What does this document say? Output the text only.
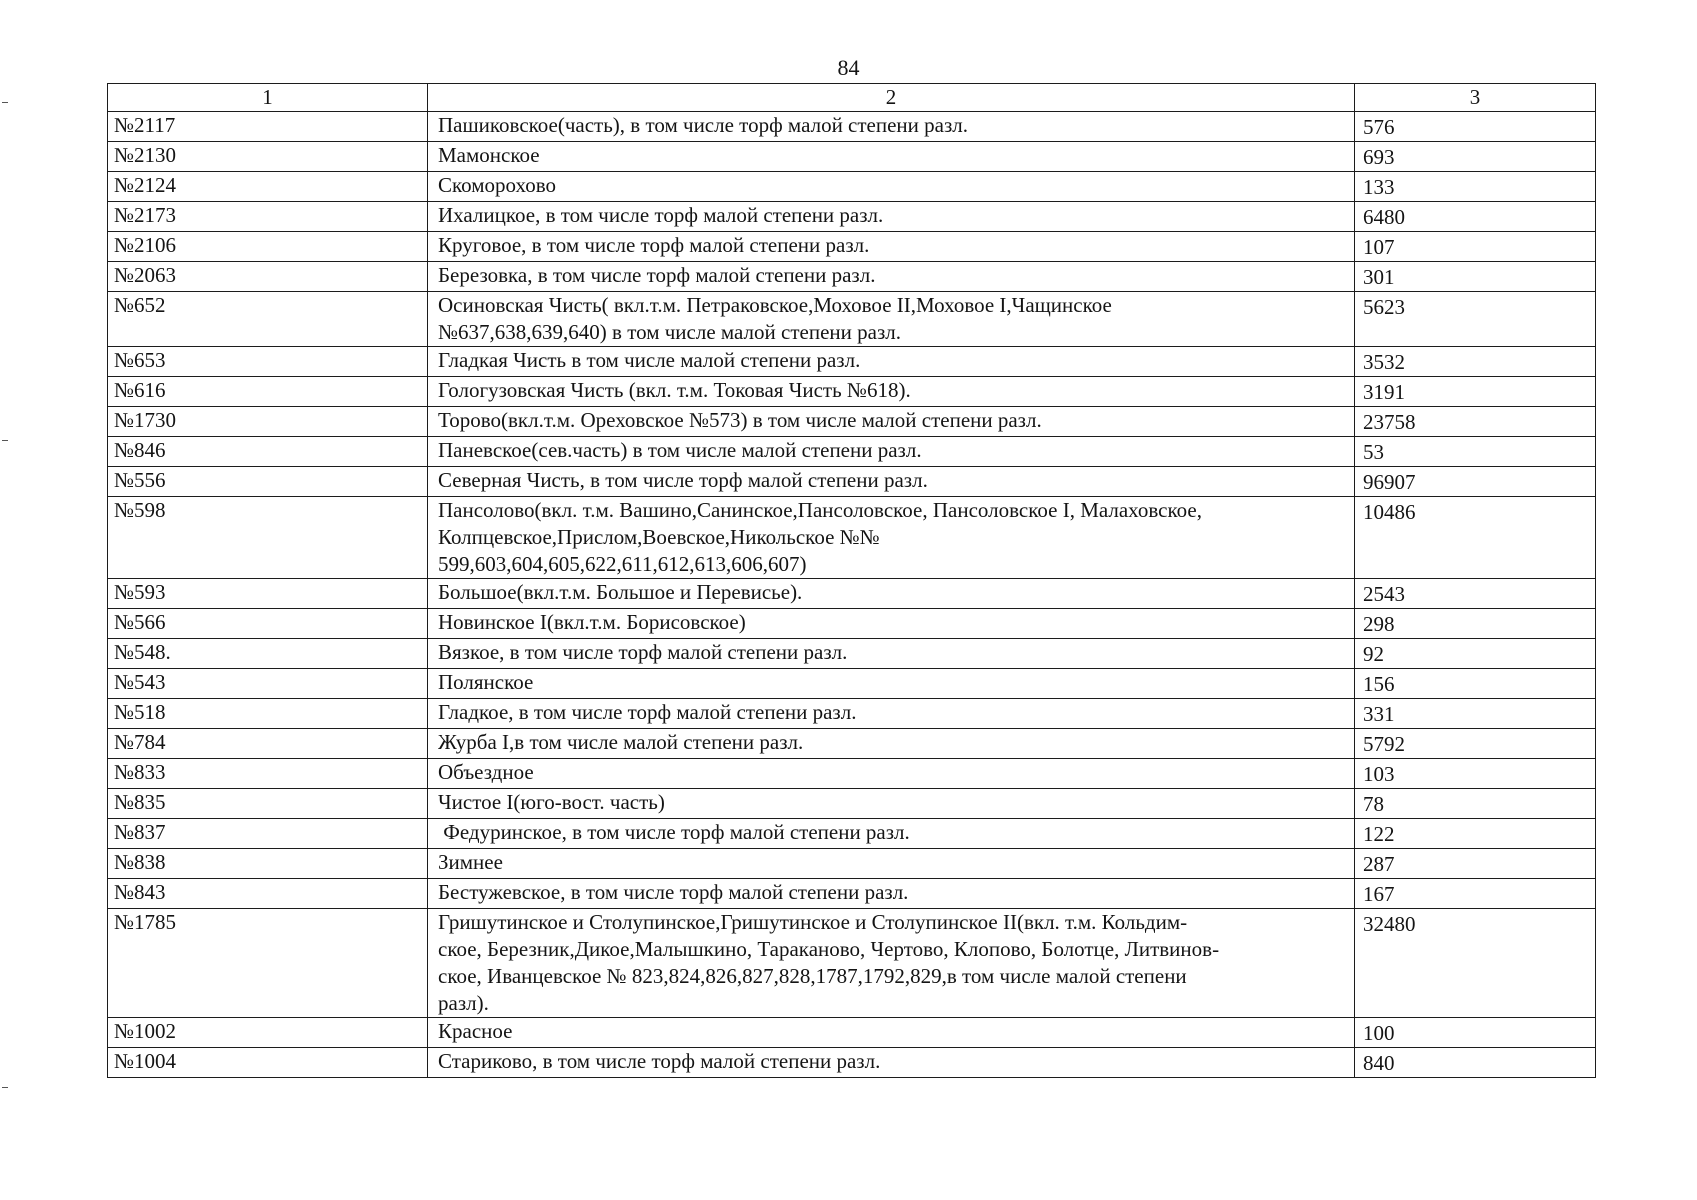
84
1	2	3
№2117	Пашиковское(часть), в том числе торф малой степени разл.	576
№2130	Мамонское	693
№2124	Скоморохово	133
№2173	Ихалицкое, в том числе торф малой степени разл.	6480
№2106	Круговое, в том числе торф малой степени разл.	107
№2063	Березовка, в том числе торф малой степени разл.	301
№652	Осиновская Чисть( вкл.т.м. Петраковское,Моховое II,Моховое I,Чащинское
№637,638,639,640) в том числе малой степени разл.	5623
№653	Гладкая Чисть в том числе малой степени разл.	3532
№616	Гологузовская Чисть (вкл. т.м. Токовая Чисть №618).	3191
№1730	Торово(вкл.т.м. Ореховское №573) в том числе малой степени разл.	23758
№846	Паневское(сев.часть) в том числе малой степени разл.	53
№556	Северная Чисть, в том числе торф малой степени разл.	96907
№598	Пансолово(вкл. т.м. Вашино,Санинское,Пансоловское, Пансоловское I, Малаховское,
Колпцевское,Прислом,Воевское,Никольское №№
599,603,604,605,622,611,612,613,606,607)	10486
№593	Большое(вкл.т.м. Большое и Перевисье).	2543
№566	Новинское I(вкл.т.м. Борисовское)	298
№548.	Вязкое, в том числе торф малой степени разл.	92
№543	Полянское	156
№518	Гладкое, в том числе торф малой степени разл.	331
№784	Журба I,в том числе малой степени разл.	5792
№833	Объездное	103
№835	Чистое I(юго-вост. часть)	78
№837	Федуринское, в том числе торф малой степени разл.	122
№838	Зимнее	287
№843	Бестужевское, в том числе торф малой степени разл.	167
№1785	Гришутинское и Столупинское,Гришутинское и Столупинское II(вкл. т.м. Кольдим-
ское, Березник,Дикое,Малышкино, Тараканово, Чертово, Клопово, Болотце, Литвинов-
ское, Иванцевское № 823,824,826,827,828,1787,1792,829,в том числе малой степени
разл).	32480
№1002	Красное	100
№1004	Стариково, в том числе торф малой степени разл.	840
